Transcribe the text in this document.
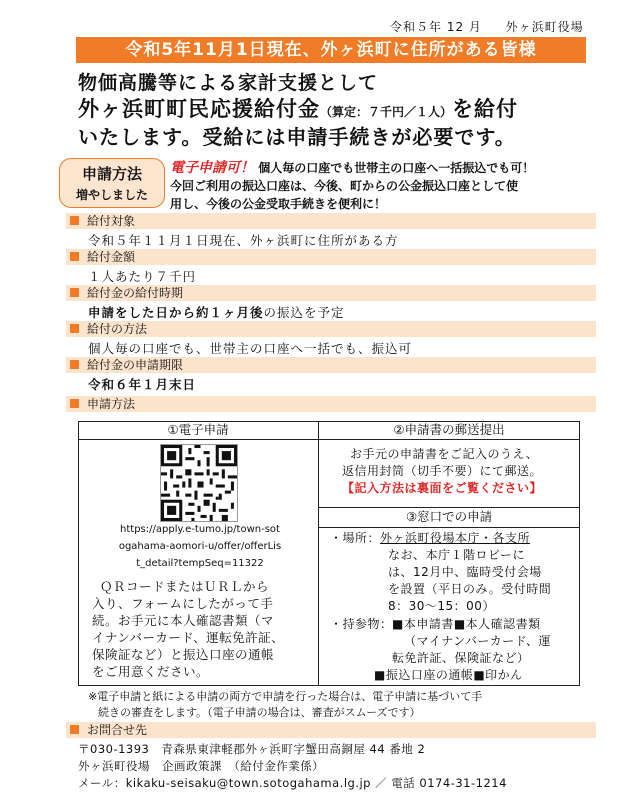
令和５年 12 月 外ヶ浜町役場
令和5年11月1日現在、外ヶ浜町に住所がある皆様
物価高騰等による家計支援として
外ヶ浜町町民応援給付金（算定：７千円／１人）を給付
いたします。受給には申請手続きが必要です。
申請方法
増やしました
電子申請可！ 個人毎の口座でも世帯主の口座へ一括振込でも可！
今回ご利用の振込口座は、今後、町からの公金振込口座として使
用し、今後の公金受取手続きを便利に！
給付対象
令和５年１１月１日現在、外ヶ浜町に住所がある方
給付金額
１人あたり７千円
給付金の給付時期
申請をした日から約１ヶ月後の振込を予定
給付の方法
個人毎の口座でも、世帯主の口座へ一括でも、振込可
給付金の申請期限
令和６年１月末日
申請方法
①電子申請	②申請書の郵送提出
https://apply.e-tumo.jp/town-sot
ogahama-aomori-u/offer/offerLis
t_detail?tempSeq=11322
ＱＲコードまたはＵＲＬから
入り、フォームにしたがって手
続。お手元に本人確認書類（マ
イナンバーカード、運転免許証、
保険証など）と振込口座の通帳
をご用意ください。
お手元の申請書をご記入のうえ、
返信用封筒（切手不要）にて郵送。
【記入方法は裏面をご覧ください】
③窓口での申請
・場所：外ヶ浜町役場本庁・各支所
なお、本庁１階ロビーに
は、12月中、臨時受付会場
を設置（平日のみ。受付時間
8：30～15：00）
・持参物： ■本申請書■本人確認書類
（マイナンバーカード、運
転免許証、保険証など）
■振込口座の通帳■印かん
※電子申請と紙による申請の両方で申請を行った場合は、電子申請に基づいて手
続きの審査をします。（電子申請の場合は、審査がスムーズです）
お問合せ先
〒030-1393　青森県東津軽郡外ヶ浜町字蟹田高銅屋 44 番地 2
外ヶ浜町役場　企画政策課　（給付金作業係）
メール：kikaku-seisaku@town.sotogahama.lg.jp ／ 電話 0174-31-1214
